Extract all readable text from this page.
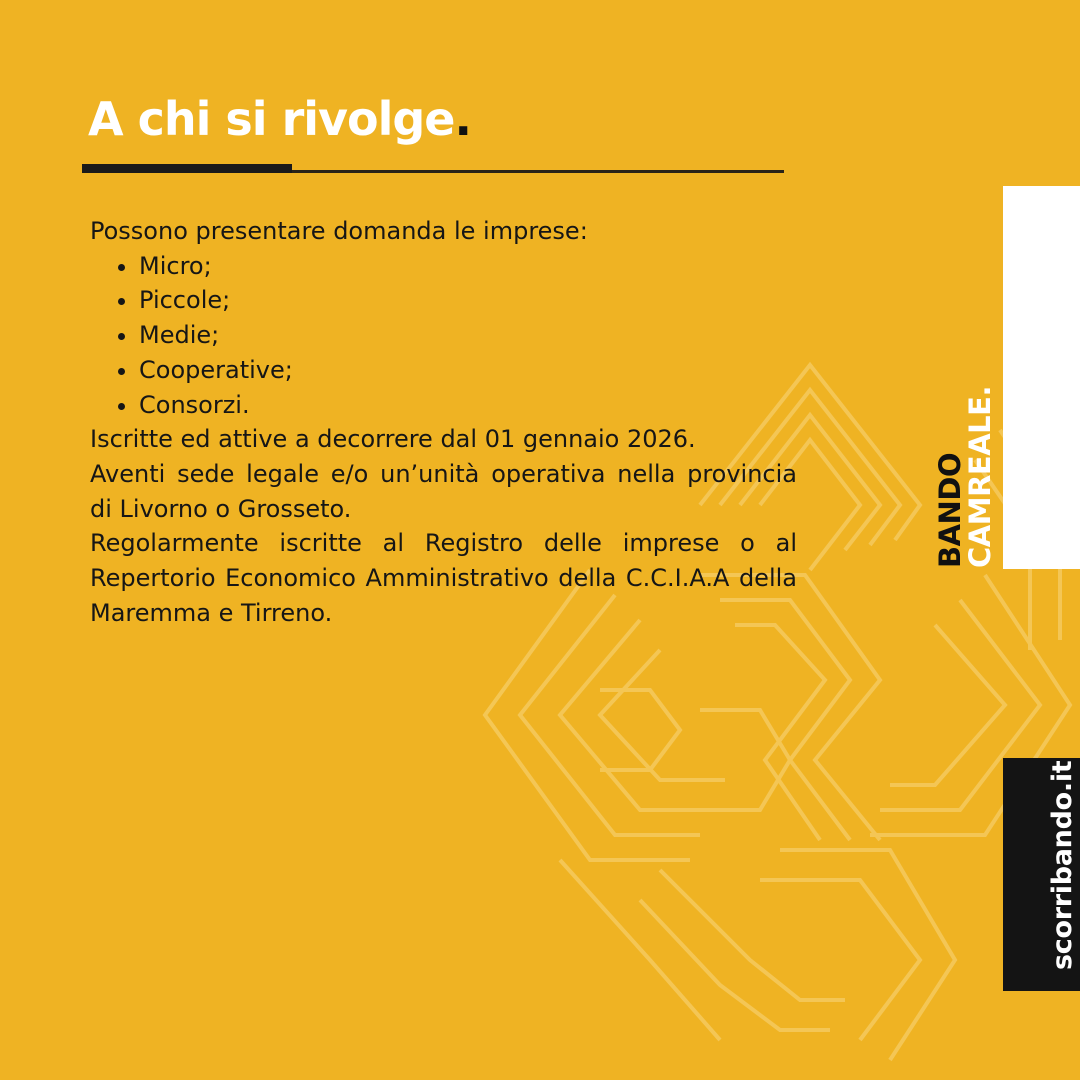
A chi si rivolge.

Possono presentare domanda le imprese:

• Micro;
• Piccole;
• Medie;
• Cooperative;
• Consorzi.

Iscritte ed attive a decorrere dal 01 gennaio 2026.

Aventi sede legale e/o un’unità operativa nella provincia di Livorno o Grosseto.

Regolarmente iscritte al Registro delle imprese o al Repertorio Economico Amministrativo della C.C.I.A.A della Maremma e Tirreno.

BANDO
CAMREALE.
scorribando.it
